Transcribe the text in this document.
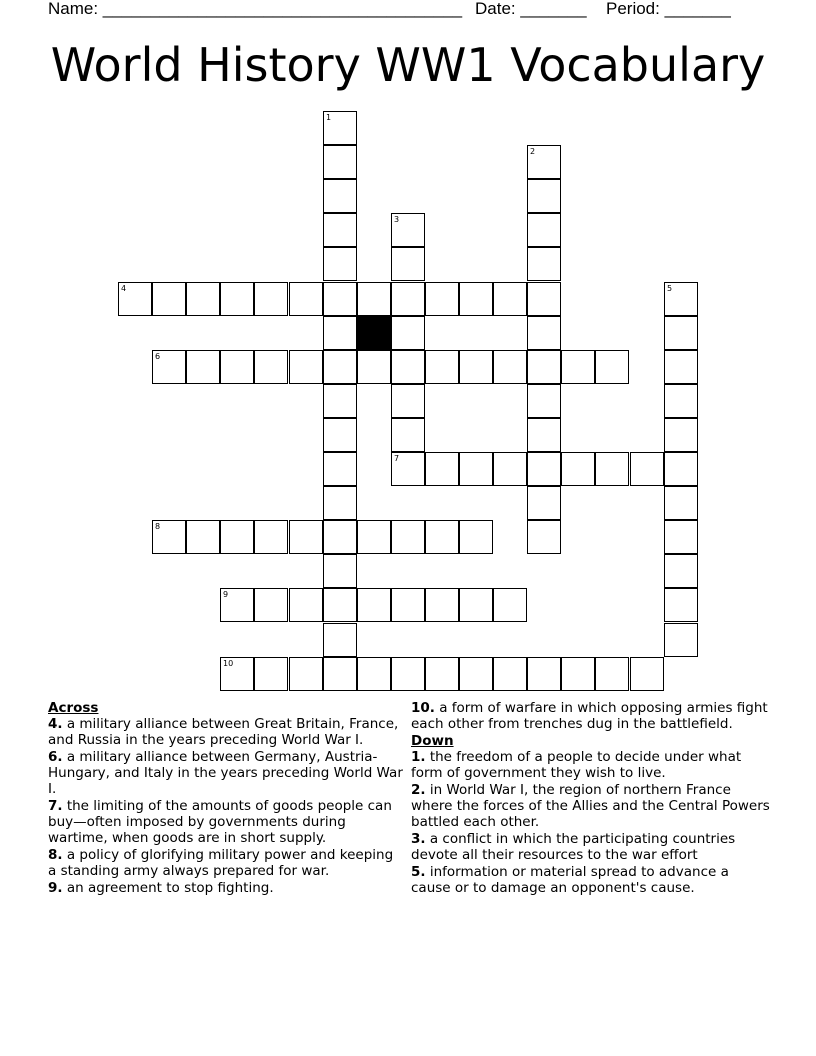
Name: ______________________________________ Date: _______ Period: _______
World History WW1 Vocabulary
1
2
3
4	5
6
7
8
9
10
Across
4. a military alliance between Great Britain, France, and Russia in the years preceding World War I.
6. a military alliance between Germany, Austria-Hungary, and Italy in the years preceding World War I.
7. the limiting of the amounts of goods people can buy—often imposed by governments during wartime, when goods are in short supply.
8. a policy of glorifying military power and keeping a standing army always prepared for war.
9. an agreement to stop fighting.
10. a form of warfare in which opposing armies fight each other from trenches dug in the battlefield.
Down
1. the freedom of a people to decide under what form of government they wish to live.
2. in World War I, the region of northern France where the forces of the Allies and the Central Powers battled each other.
3. a conflict in which the participating countries devote all their resources to the war effort
5. information or material spread to advance a cause or to damage an opponent's cause.
